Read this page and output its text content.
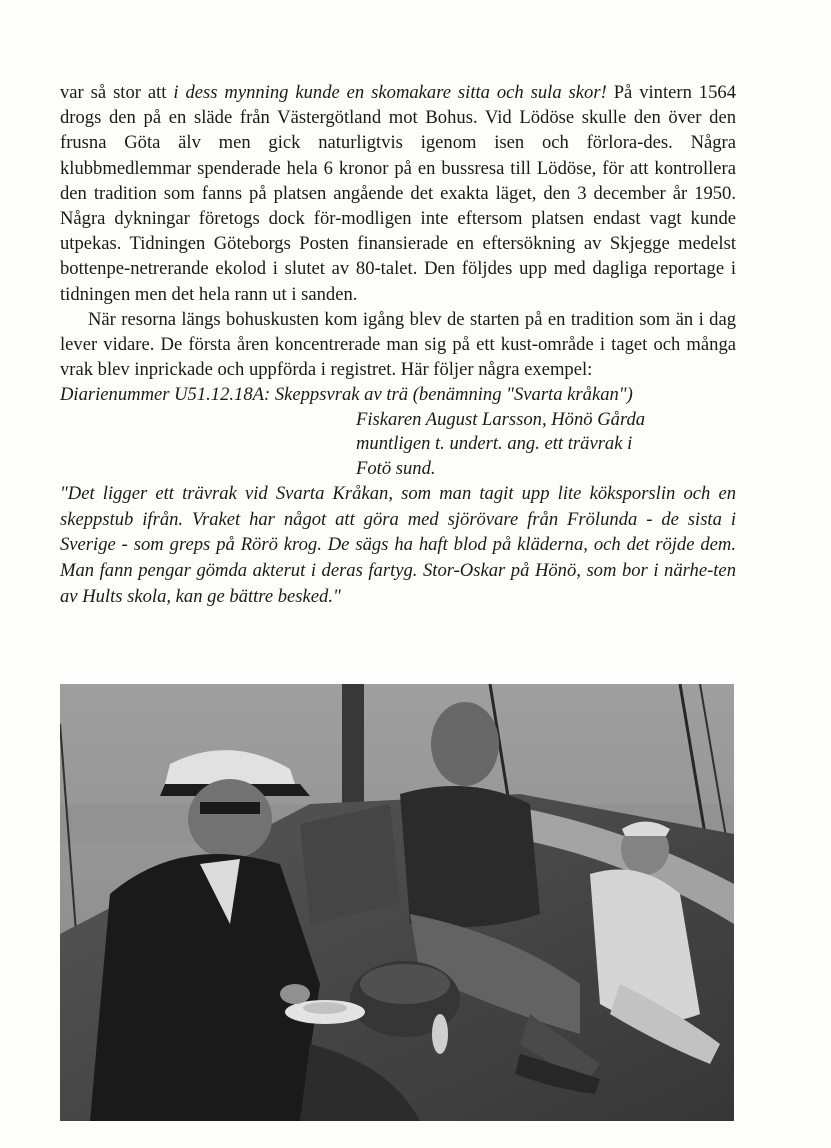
var så stor att i dess mynning kunde en skomakare sitta och sula skor! På vintern 1564 drogs den på en släde från Västergötland mot Bohus. Vid Lödöse skulle den över den frusna Göta älv men gick naturligtvis igenom isen och förlora-des. Några klubbmedlemmar spenderade hela 6 kronor på en bussresa till Lödöse, för att kontrollera den tradition som fanns på platsen angående det exakta läget, den 3 december år 1950. Några dykningar företogs dock för-modligen inte eftersom platsen endast vagt kunde utpekas. Tidningen Göteborgs Posten finansierade en eftersökning av Skjegge medelst bottenpe-netrerande ekolod i slutet av 80-talet. Den följdes upp med dagliga reportage i tidningen men det hela rann ut i sanden.

När resorna längs bohuskusten kom igång blev de starten på en tradition som än i dag lever vidare. De första åren koncentrerade man sig på ett kust-område i taget och många vrak blev inprickade och uppförda i registret. Här följer några exempel:

Diarienummer U51.12.18A: Skeppsvrak av trä (benämning "Svarta kråkan")

Fiskaren August Larsson, Hönö Gårda
muntligen t. undert. ang. ett trävrak i
Fotö sund.

"Det ligger ett trävrak vid Svarta Kråkan, som man tagit upp lite köksporslin och en skeppstub ifrån. Vraket har något att göra med sjörövare från Frölunda - de sista i Sverige - som greps på Rörö krog. De sägs ha haft blod på kläderna, och det röjde dem. Man fann pengar gömda akterut i deras fartyg. Stor-Oskar på Hönö, som bor i närhe-ten av Hults skola, kan ge bättre besked."
